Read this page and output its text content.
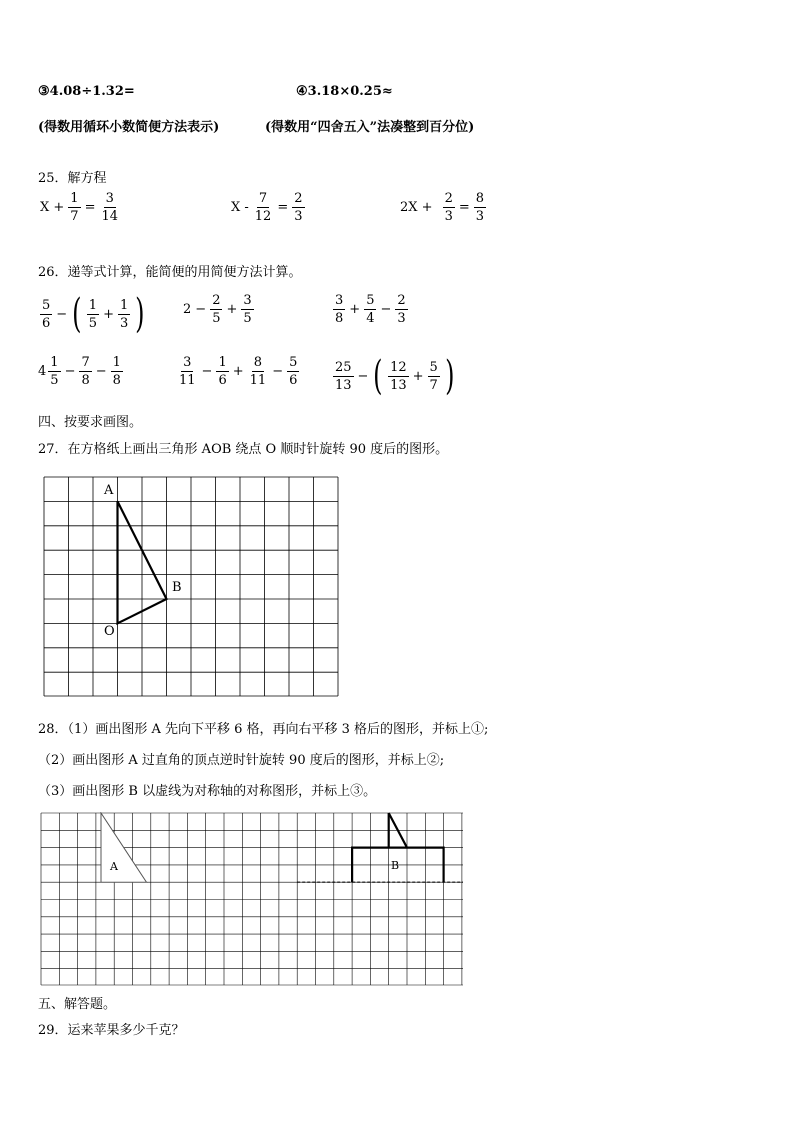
③4.08÷1.32=	④3.18×0.25≈
(得数用循环小数简便方法表示)	(得数用“四舍五入”法凑整到百分位)
25．解方程
$X + \frac{1}{7} = \frac{3}{14}$	$X - \frac{7}{12} = \frac{2}{3}$	$2X + \frac{2}{3} = \frac{8}{3}$
26．递等式计算，能简便的用简便方法计算。
$\frac{5}{6}$ − ( $\frac{1}{5} + \frac{1}{3}$ )	$2 - \frac{2}{5} + \frac{3}{5}$	$\frac{3}{8} + \frac{5}{4} - \frac{2}{3}$
$4 \frac{1}{5} - \frac{7}{8} - \frac{1}{8}$	$\frac{3}{11} - \frac{1}{6} + \frac{8}{11} - \frac{5}{6}$	$\frac{25}{13}$ − ( $\frac{12}{13} + \frac{5}{7}$ )
四、按要求画图。
27．在方格纸上画出三角形 AOB 绕点 O 顺时针旋转 90 度后的图形。
A
B
O
28．（1）画出图形 A 先向下平移 6 格，再向右平移 3 格后的图形，并标上①;
（2）画出图形 A 过直角的顶点逆时针旋转 90 度后的图形，并标上②;
（3）画出图形 B 以虚线为对称轴的对称图形，并标上③。
A	B
五、解答题。
29．运来苹果多少千克？
